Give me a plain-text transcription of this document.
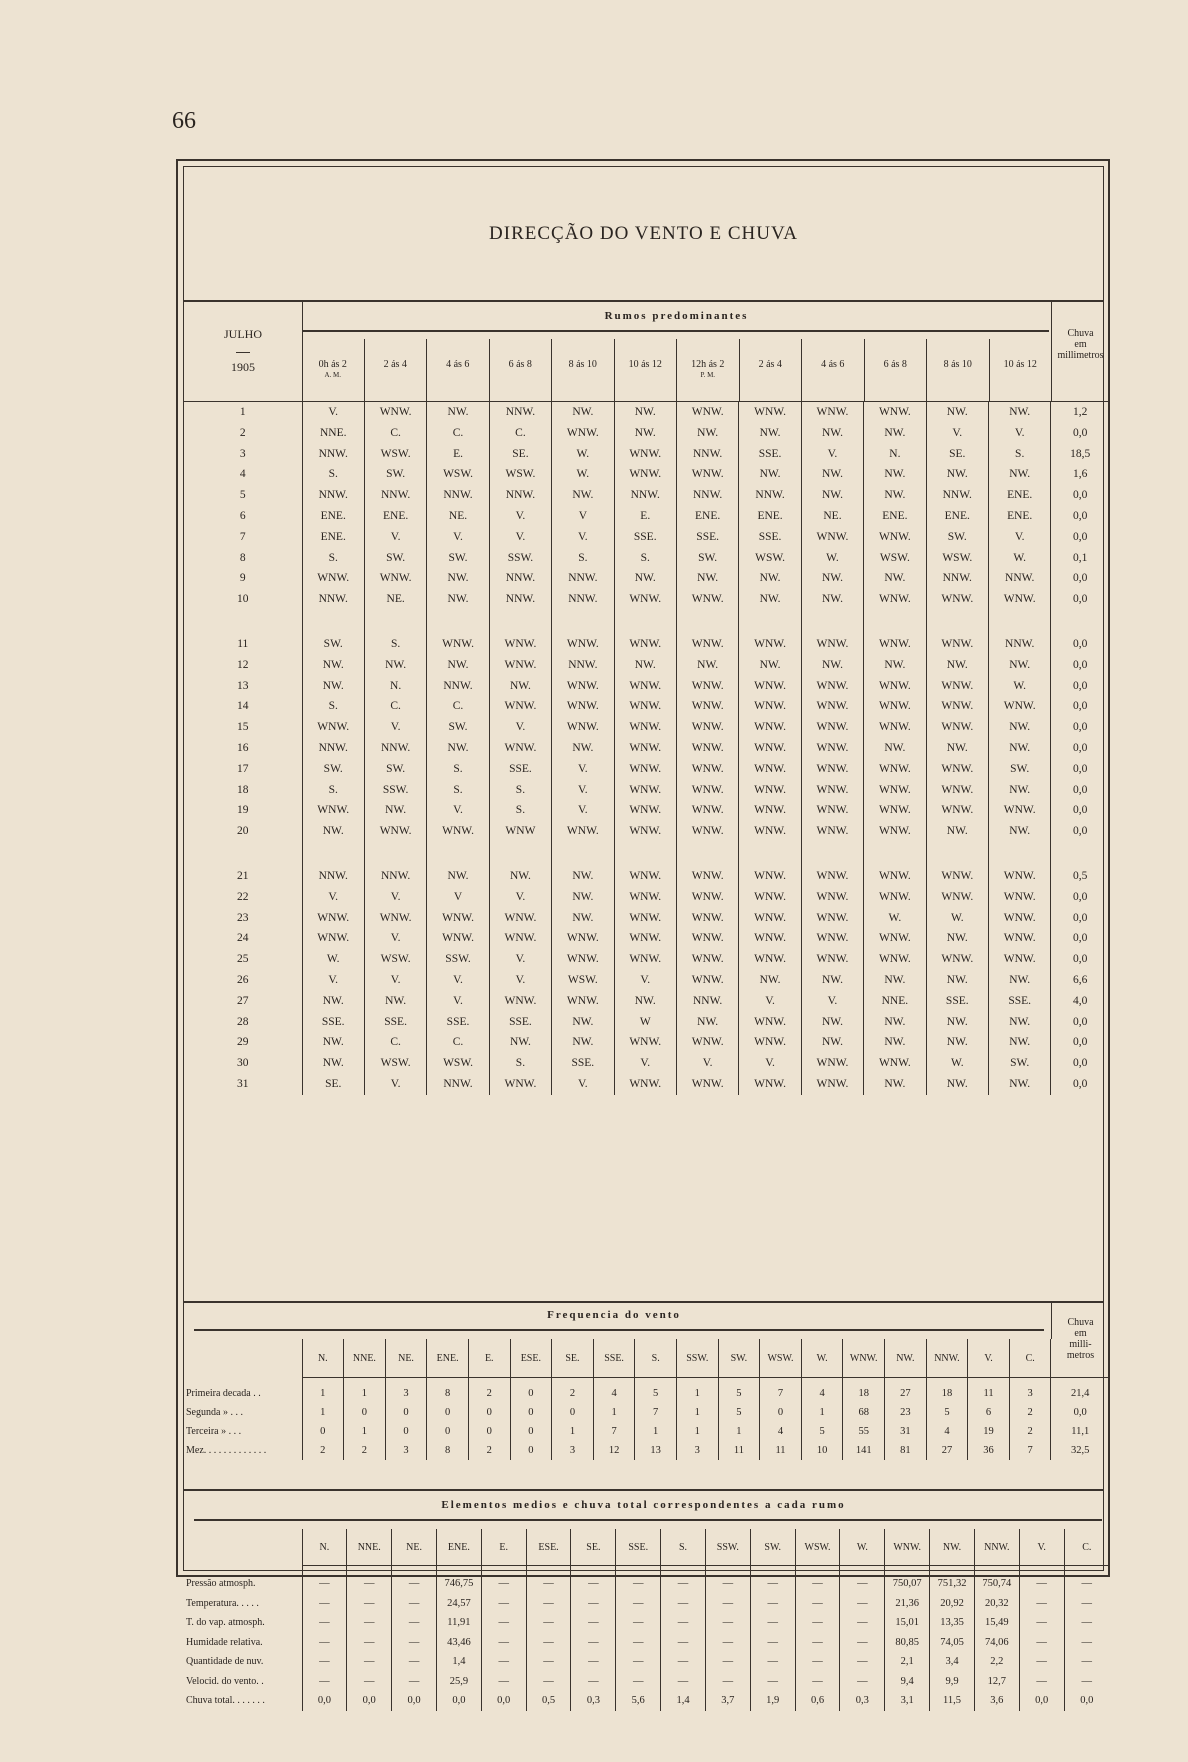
66
DIRECÇÃO DO VENTO E CHUVA
JULHO
1905
Rumos predominantes
0h ás 2
A. M.
2 ás 4	4 ás 6	6 ás 8	8 ás 10	10 ás 12	12h ás 2
P. M.
2 ás 4	4 ás 6	6 ás 8	8 ás 10	10 ás 12
Chuva
em
millimetros
1	V.	WNW.	NW.	NNW.	NW.	NW.	WNW.	WNW.	WNW.	WNW.	NW.	NW.	1,2
2	NNE.	C.	C.	C.	WNW.	NW.	NW.	NW.	NW.	NW.	V.	V.	0,0
3	NNW.	WSW.	E.	SE.	W.	WNW.	NNW.	SSE.	V.	N.	SE.	S.	18,5
4	S.	SW.	WSW.	WSW.	W.	WNW.	WNW.	NW.	NW.	NW.	NW.	NW.	1,6
5	NNW.	NNW.	NNW.	NNW.	NW.	NNW.	NNW.	NNW.	NW.	NW.	NNW.	ENE.	0,0
6	ENE.	ENE.	NE.	V.	V	E.	ENE.	ENE.	NE.	ENE.	ENE.	ENE.	0,0
7	ENE.	V.	V.	V.	V.	SSE.	SSE.	SSE.	WNW.	WNW.	SW.	V.	0,0
8	S.	SW.	SW.	SSW.	S.	S.	SW.	WSW.	W.	WSW.	WSW.	W.	0,1
9	WNW.	WNW.	NW.	NNW.	NNW.	NW.	NW.	NW.	NW.	NW.	NNW.	NNW.	0,0
10	NNW.	NE.	NW.	NNW.	NNW.	WNW.	WNW.	NW.	NW.	WNW.	WNW.	WNW.	0,0

11	SW.	S.	WNW.	WNW.	WNW.	WNW.	WNW.	WNW.	WNW.	WNW.	WNW.	NNW.	0,0
12	NW.	NW.	NW.	WNW.	NNW.	NW.	NW.	NW.	NW.	NW.	NW.	NW.	0,0
13	NW.	N.	NNW.	NW.	WNW.	WNW.	WNW.	WNW.	WNW.	WNW.	WNW.	W.	0,0
14	S.	C.	C.	WNW.	WNW.	WNW.	WNW.	WNW.	WNW.	WNW.	WNW.	WNW.	0,0
15	WNW.	V.	SW.	V.	WNW.	WNW.	WNW.	WNW.	WNW.	WNW.	WNW.	NW.	0,0
16	NNW.	NNW.	NW.	WNW.	NW.	WNW.	WNW.	WNW.	WNW.	NW.	NW.	NW.	0,0
17	SW.	SW.	S.	SSE.	V.	WNW.	WNW.	WNW.	WNW.	WNW.	WNW.	SW.	0,0
18	S.	SSW.	S.	S.	V.	WNW.	WNW.	WNW.	WNW.	WNW.	WNW.	NW.	0,0
19	WNW.	NW.	V.	S.	V.	WNW.	WNW.	WNW.	WNW.	WNW.	WNW.	WNW.	0,0
20	NW.	WNW.	WNW.	WNW	WNW.	WNW.	WNW.	WNW.	WNW.	WNW.	NW.	NW.	0,0

21	NNW.	NNW.	NW.	NW.	NW.	WNW.	WNW.	WNW.	WNW.	WNW.	WNW.	WNW.	0,5
22	V.	V.	V	V.	NW.	WNW.	WNW.	WNW.	WNW.	WNW.	WNW.	WNW.	0,0
23	WNW.	WNW.	WNW.	WNW.	NW.	WNW.	WNW.	WNW.	WNW.	W.	W.	WNW.	0,0
24	WNW.	V.	WNW.	WNW.	WNW.	WNW.	WNW.	WNW.	WNW.	WNW.	NW.	WNW.	0,0
25	W.	WSW.	SSW.	V.	WNW.	WNW.	WNW.	WNW.	WNW.	WNW.	WNW.	WNW.	0,0
26	V.	V.	V.	V.	WSW.	V.	WNW.	NW.	NW.	NW.	NW.	NW.	6,6
27	NW.	NW.	V.	WNW.	WNW.	NW.	NNW.	V.	V.	NNE.	SSE.	SSE.	4,0
28	SSE.	SSE.	SSE.	SSE.	NW.	W	NW.	WNW.	NW.	NW.	NW.	NW.	0,0
29	NW.	C.	C.	NW.	NW.	WNW.	WNW.	WNW.	NW.	NW.	NW.	NW.	0,0
30	NW.	WSW.	WSW.	S.	SSE.	V.	V.	V.	WNW.	WNW.	W.	SW.	0,0
31	SE.	V.	NNW.	WNW.	V.	WNW.	WNW.	WNW.	WNW.	NW.	NW.	NW.	0,0
Frequencia do vento
Chuva
em
milli-
metros
	N.	NNE.	NE.	ENE.	E.	ESE.	SE.	SSE.	S.	SSW.	SW.	WSW.	W.	WNW.	NW.	NNW.	V.	C.	
Primeira decada . .	1	1	3	8	2	0	2	4	5	1	5	7	4	18	27	18	11	3	21,4
Segunda » . . .	1	0	0	0	0	0	0	1	7	1	5	0	1	68	23	5	6	2	0,0
Terceira » . . .	0	1	0	0	0	0	1	7	1	1	1	4	5	55	31	4	19	2	11,1
Mez. . . . . . . . . . . . .	2	2	3	8	2	0	3	12	13	3	11	11	10	141	81	27	36	7	32,5
Elementos medios e chuva total correspondentes a cada rumo
	N.	NNE.	NE.	ENE.	E.	ESE.	SE.	SSE.	S.	SSW.	SW.	WSW.	W.	WNW.	NW.	NNW.	V.	C.
Pressão atmosph.	—	—	—	746,75	—	—	—	—	—	—	—	—	—	750,07	751,32	750,74	—	—
Temperatura. . . . .	—	—	—	24,57	—	—	—	—	—	—	—	—	—	21,36	20,92	20,32	—	—
T. do vap. atmosph.	—	—	—	11,91	—	—	—	—	—	—	—	—	—	15,01	13,35	15,49	—	—
Humidade relativa.	—	—	—	43,46	—	—	—	—	—	—	—	—	—	80,85	74,05	74,06	—	—
Quantidade de nuv.	—	—	—	1,4	—	—	—	—	—	—	—	—	—	2,1	3,4	2,2	—	—
Velocid. do vento. .	—	—	—	25,9	—	—	—	—	—	—	—	—	—	9,4	9,9	12,7	—	—
Chuva total. . . . . . .	0,0	0,0	0,0	0,0	0,0	0,5	0,3	5,6	1,4	3,7	1,9	0,6	0,3	3,1	11,5	3,6	0,0	0,0
